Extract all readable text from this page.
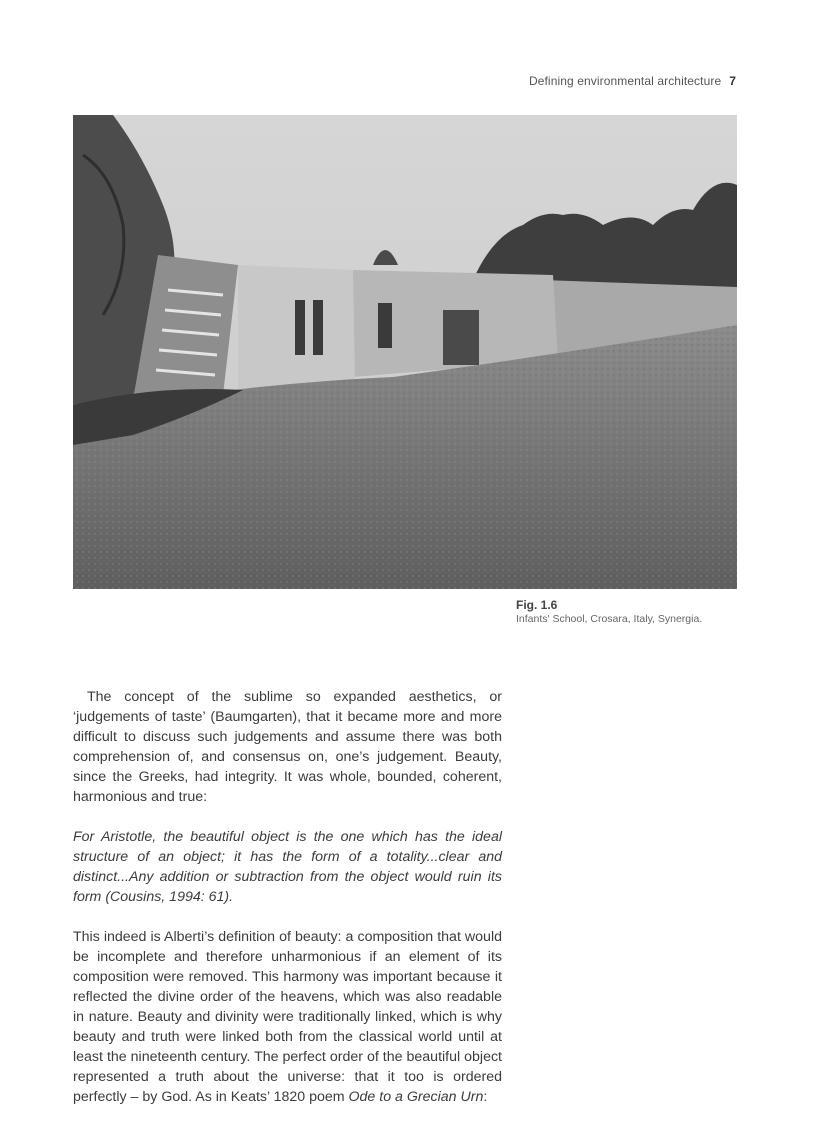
Defining environmental architecture 7
Fig. 1.6
Infants' School, Crosara, Italy, Synergia.

The concept of the sublime so expanded aesthetics, or ‘judgements of taste’ (Baumgarten), that it became more and more difficult to discuss such judgements and assume there was both comprehension of, and consensus on, one’s judgement. Beauty, since the Greeks, had integrity. It was whole, bounded, coherent, harmonious and true:

For Aristotle, the beautiful object is the one which has the ideal structure of an object; it has the form of a totality...clear and distinct...Any addition or subtraction from the object would ruin its form (Cousins, 1994: 61).

This indeed is Alberti’s definition of beauty: a composition that would be incomplete and therefore unharmonious if an element of its composition were removed. This harmony was important because it reflected the divine order of the heavens, which was also readable in nature. Beauty and divinity were traditionally linked, which is why beauty and truth were linked both from the classical world until at least the nineteenth century. The perfect order of the beautiful object represented a truth about the universe: that it too is ordered perfectly – by God. As in Keats’ 1820 poem Ode to a Grecian Urn:
